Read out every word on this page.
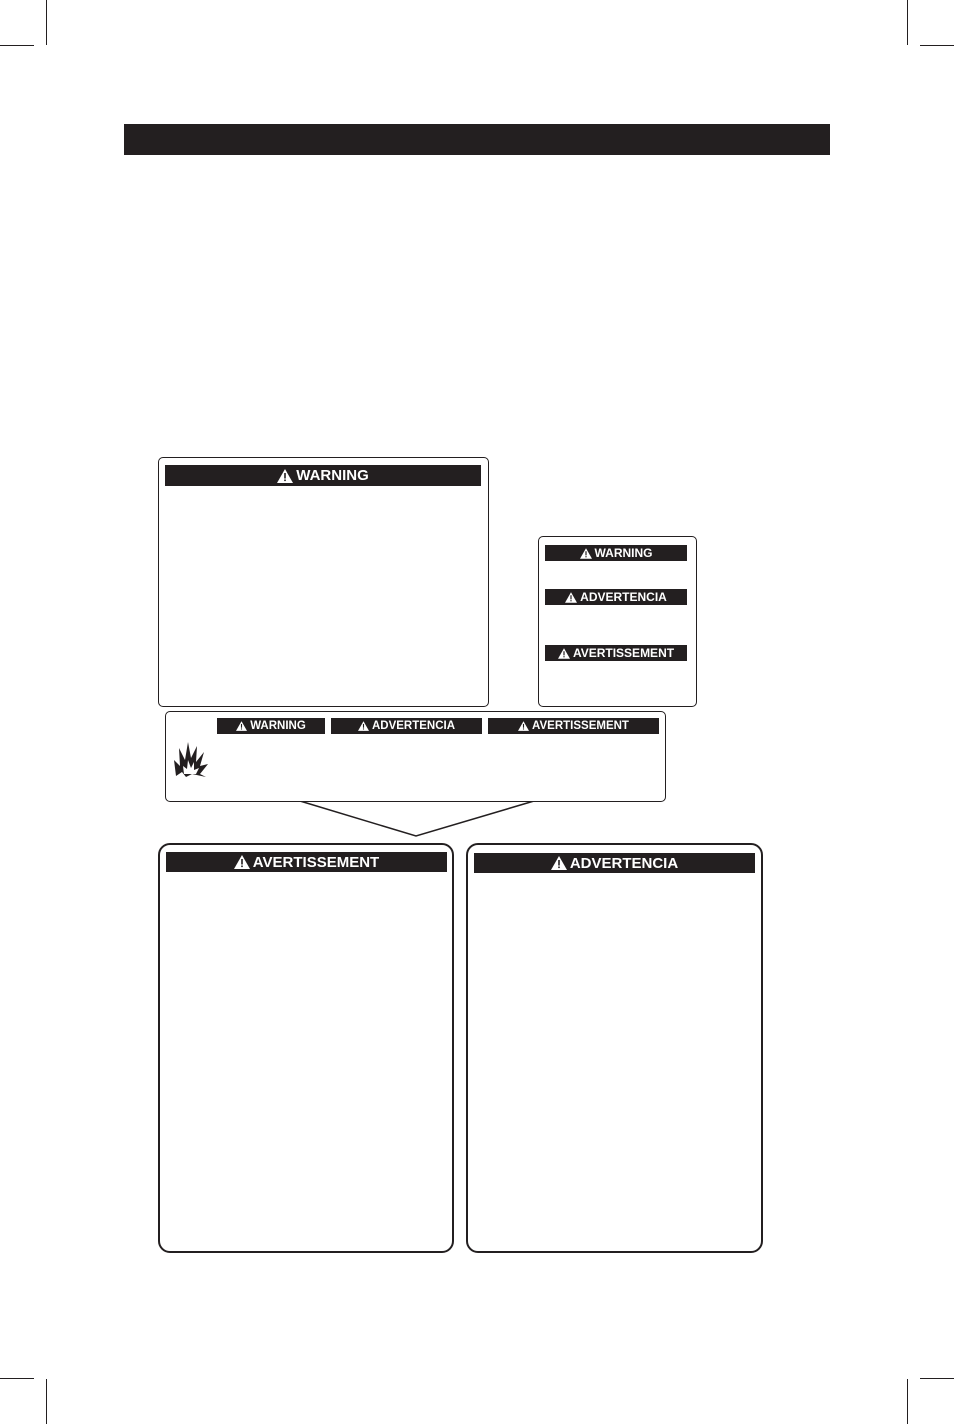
WARNING
WARNING
ADVERTENCIA
AVERTISSEMENT
WARNING	ADVERTENCIA	AVERTISSEMENT
AVERTISSEMENT	ADVERTENCIA
